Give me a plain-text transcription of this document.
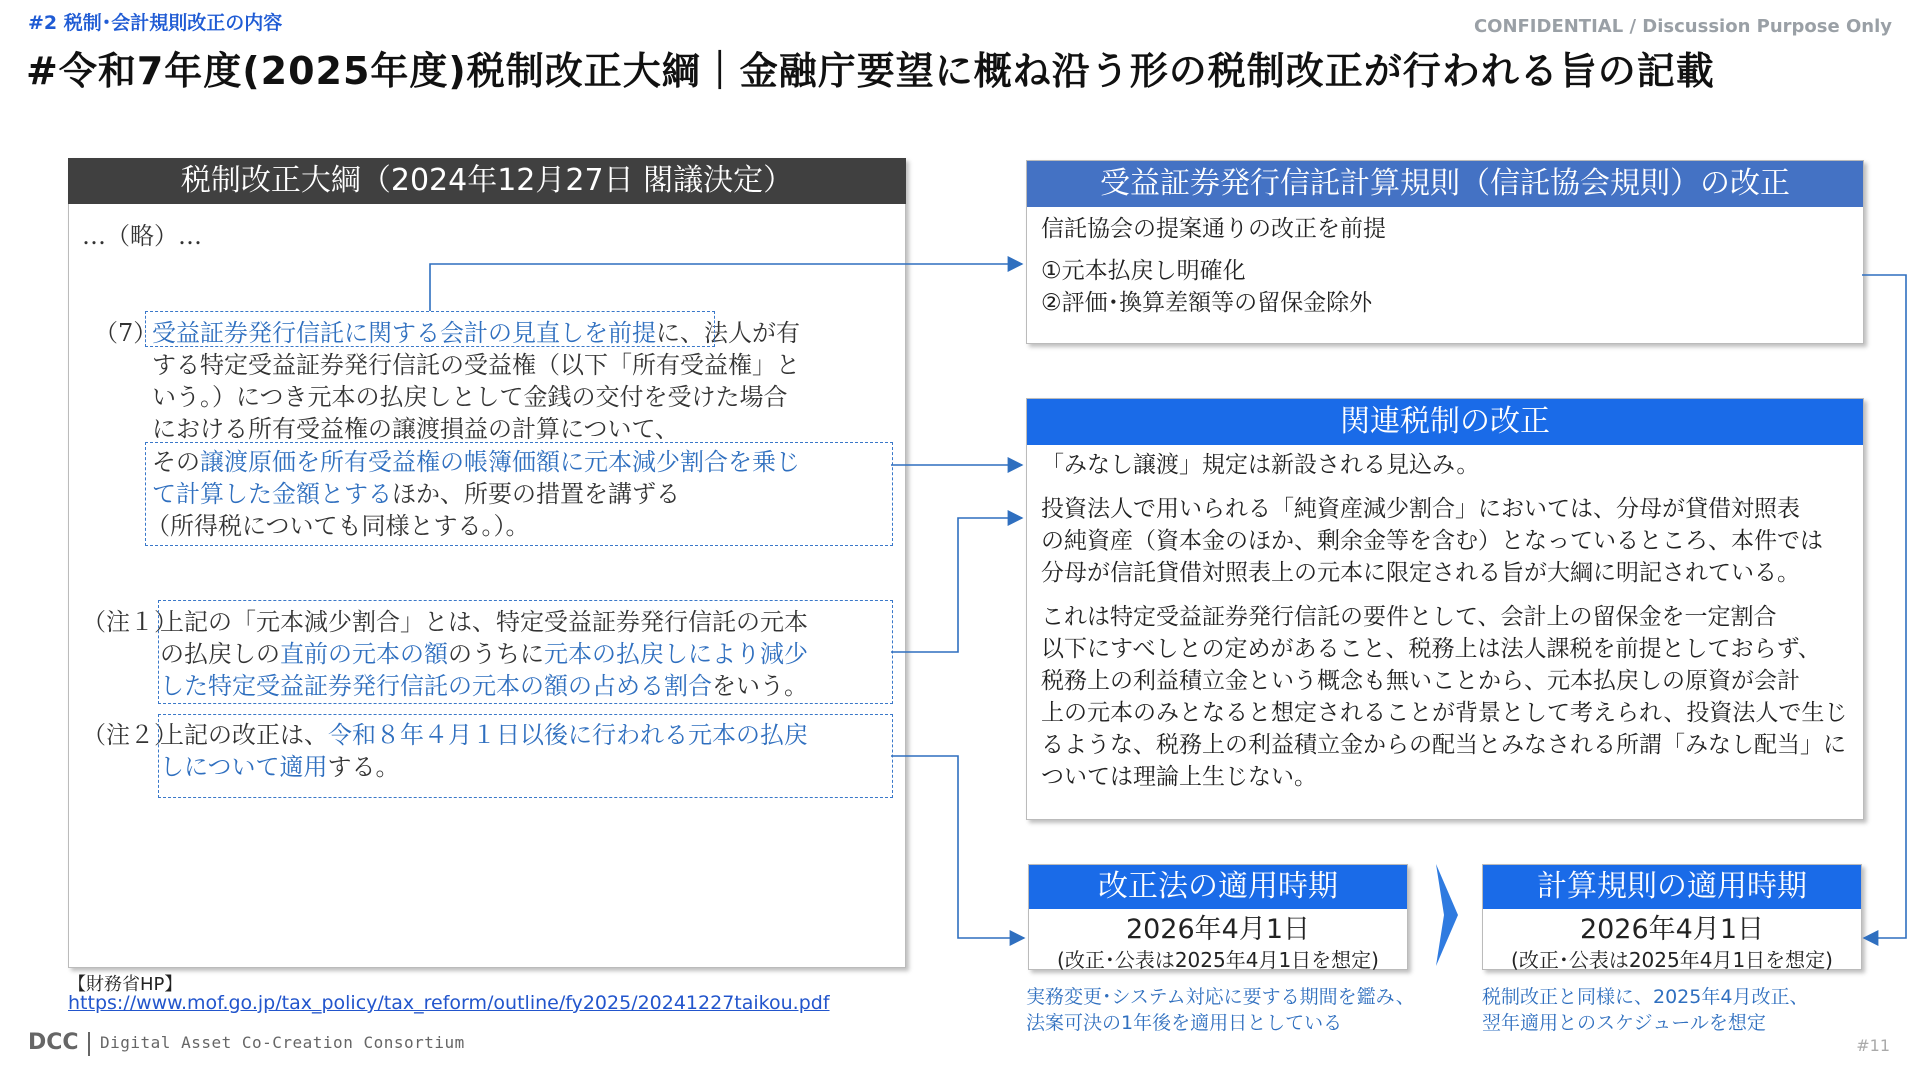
#2 税制･会計規則改正の内容	CONFIDENTIAL / Discussion Purpose Only
#令和7年度(2025年度)税制改正大綱｜金融庁要望に概ね沿う形の税制改正が行われる旨の記載
税制改正大綱（2024年12月27日 閣議決定）
…（略）…
（7）
受益証券発行信託に関する会計の見直しを前提に、法人が有
する特定受益証券発行信託の受益権（以下「所有受益権」と
いう。）につき元本の払戻しとして金銭の交付を受けた場合
における所有受益権の譲渡損益の計算について、
その譲渡原価を所有受益権の帳簿価額に元本減少割合を乗じ
て計算した金額とするほか、所要の措置を講ずる
（所得税についても同様とする。）。
（注１）
上記の「元本減少割合」とは、特定受益証券発行信託の元本
の払戻しの直前の元本の額のうちに元本の払戻しにより減少
した特定受益証券発行信託の元本の額の占める割合をいう。
（注２）
上記の改正は、令和８年４月１日以後に行われる元本の払戻
しについて適用する。
受益証券発行信託計算規則（信託協会規則）の改正
信託協会の提案通りの改正を前提
①元本払戻し明確化
②評価･換算差額等の留保金除外
関連税制の改正
「みなし譲渡」規定は新設される見込み。
投資法人で用いられる「純資産減少割合」においては、分母が貸借対照表
の純資産（資本金のほか、剰余金等を含む）となっているところ、本件では
分母が信託貸借対照表上の元本に限定される旨が大綱に明記されている。
これは特定受益証券発行信託の要件として、会計上の留保金を一定割合
以下にすべしとの定めがあること、税務上は法人課税を前提としておらず、
税務上の利益積立金という概念も無いことから、元本払戻しの原資が会計
上の元本のみとなると想定されることが背景として考えられ、投資法人で生じ
るような、税務上の利益積立金からの配当とみなされる所謂「みなし配当」に
ついては理論上生じない。
改正法の適用時期
2026年4月1日
(改正･公表は2025年4月1日を想定)
実務変更･システム対応に要する期間を鑑み、
法案可決の1年後を適用日としている
計算規則の適用時期
2026年4月1日
(改正･公表は2025年4月1日を想定)
税制改正と同様に、2025年4月改正、
翌年適用とのスケジュールを想定
【財務省HP】
https://www.mof.go.jp/tax_policy/tax_reform/outline/fy2025/20241227taikou.pdf
DCC Digital Asset Co-Creation Consortium	#11
